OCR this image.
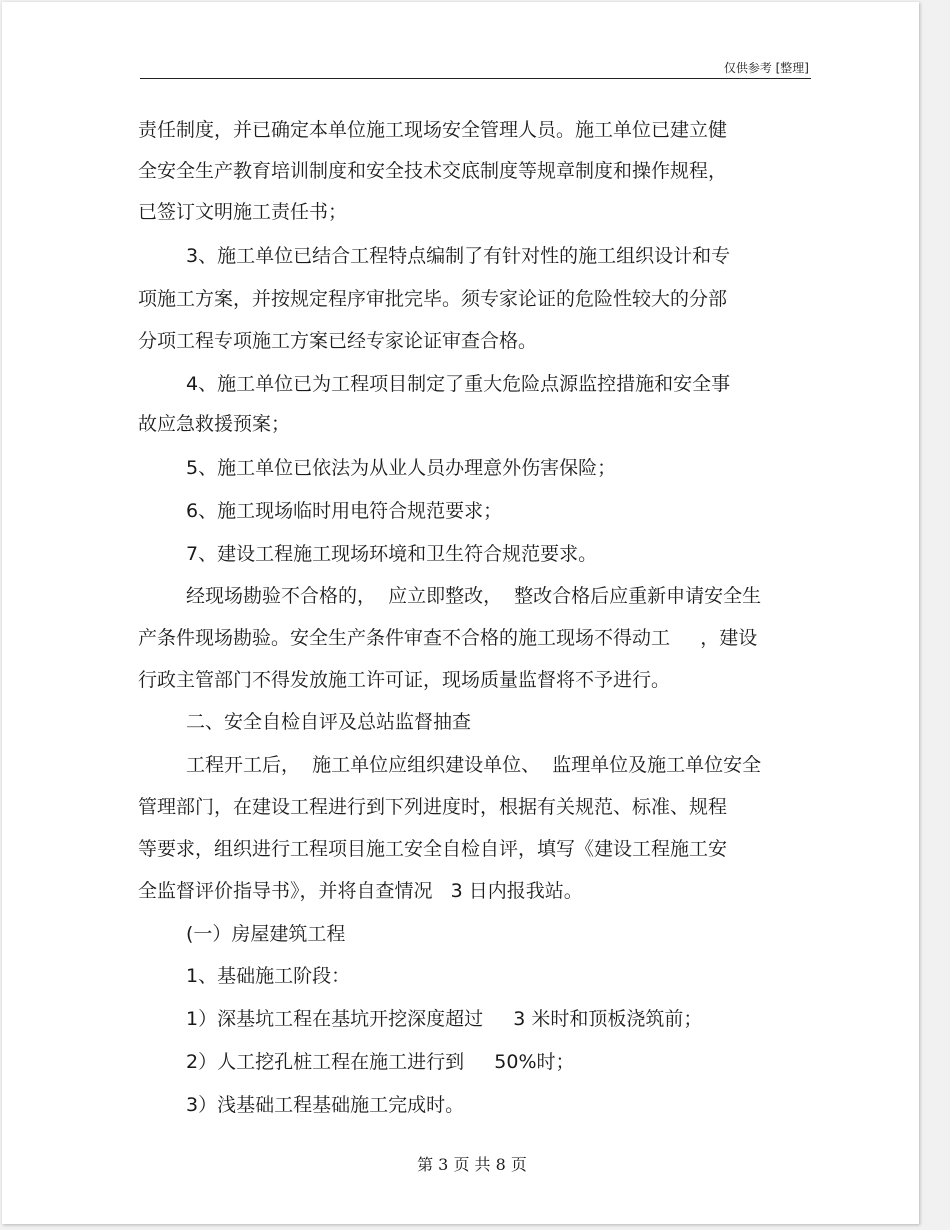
仅供参考 [整理]
责任制度，并已确定本单位施工现场安全管理人员。施工单位已建立健
全安全生产教育培训制度和安全技术交底制度等规章制度和操作规程，
已签订文明施工责任书；
3、施工单位已结合工程特点编制了有针对性的施工组织设计和专
项施工方案，并按规定程序审批完毕。须专家论证的危险性较大的分部
分项工程专项施工方案已经专家论证审查合格。
4、施工单位已为工程项目制定了重大危险点源监控措施和安全事
故应急救援预案；
5、施工单位已依法为从业人员办理意外伤害保险；
6、施工现场临时用电符合规范要求；
7、建设工程施工现场环境和卫生符合规范要求。
经现场勘验不合格的，  应立即整改，  整改合格后应重新申请安全生
产条件现场勘验。安全生产条件审查不合格的施工现场不得动工     ，建设
行政主管部门不得发放施工许可证，现场质量监督将不予进行。
二、安全自检自评及总站监督抽查
工程开工后，  施工单位应组织建设单位、  监理单位及施工单位安全
管理部门，在建设工程进行到下列进度时，根据有关规范、标准、规程
等要求，组织进行工程项目施工安全自检自评，填写《建设工程施工安
全监督评价指导书》，并将自查情况   3 日内报我站。
(一）房屋建筑工程
1、基础施工阶段：
1）深基坑工程在基坑开挖深度超过     3 米时和顶板浇筑前；
2）人工挖孔桩工程在施工进行到     50%时；
3）浅基础工程基础施工完成时。
第 3 页 共 8 页
